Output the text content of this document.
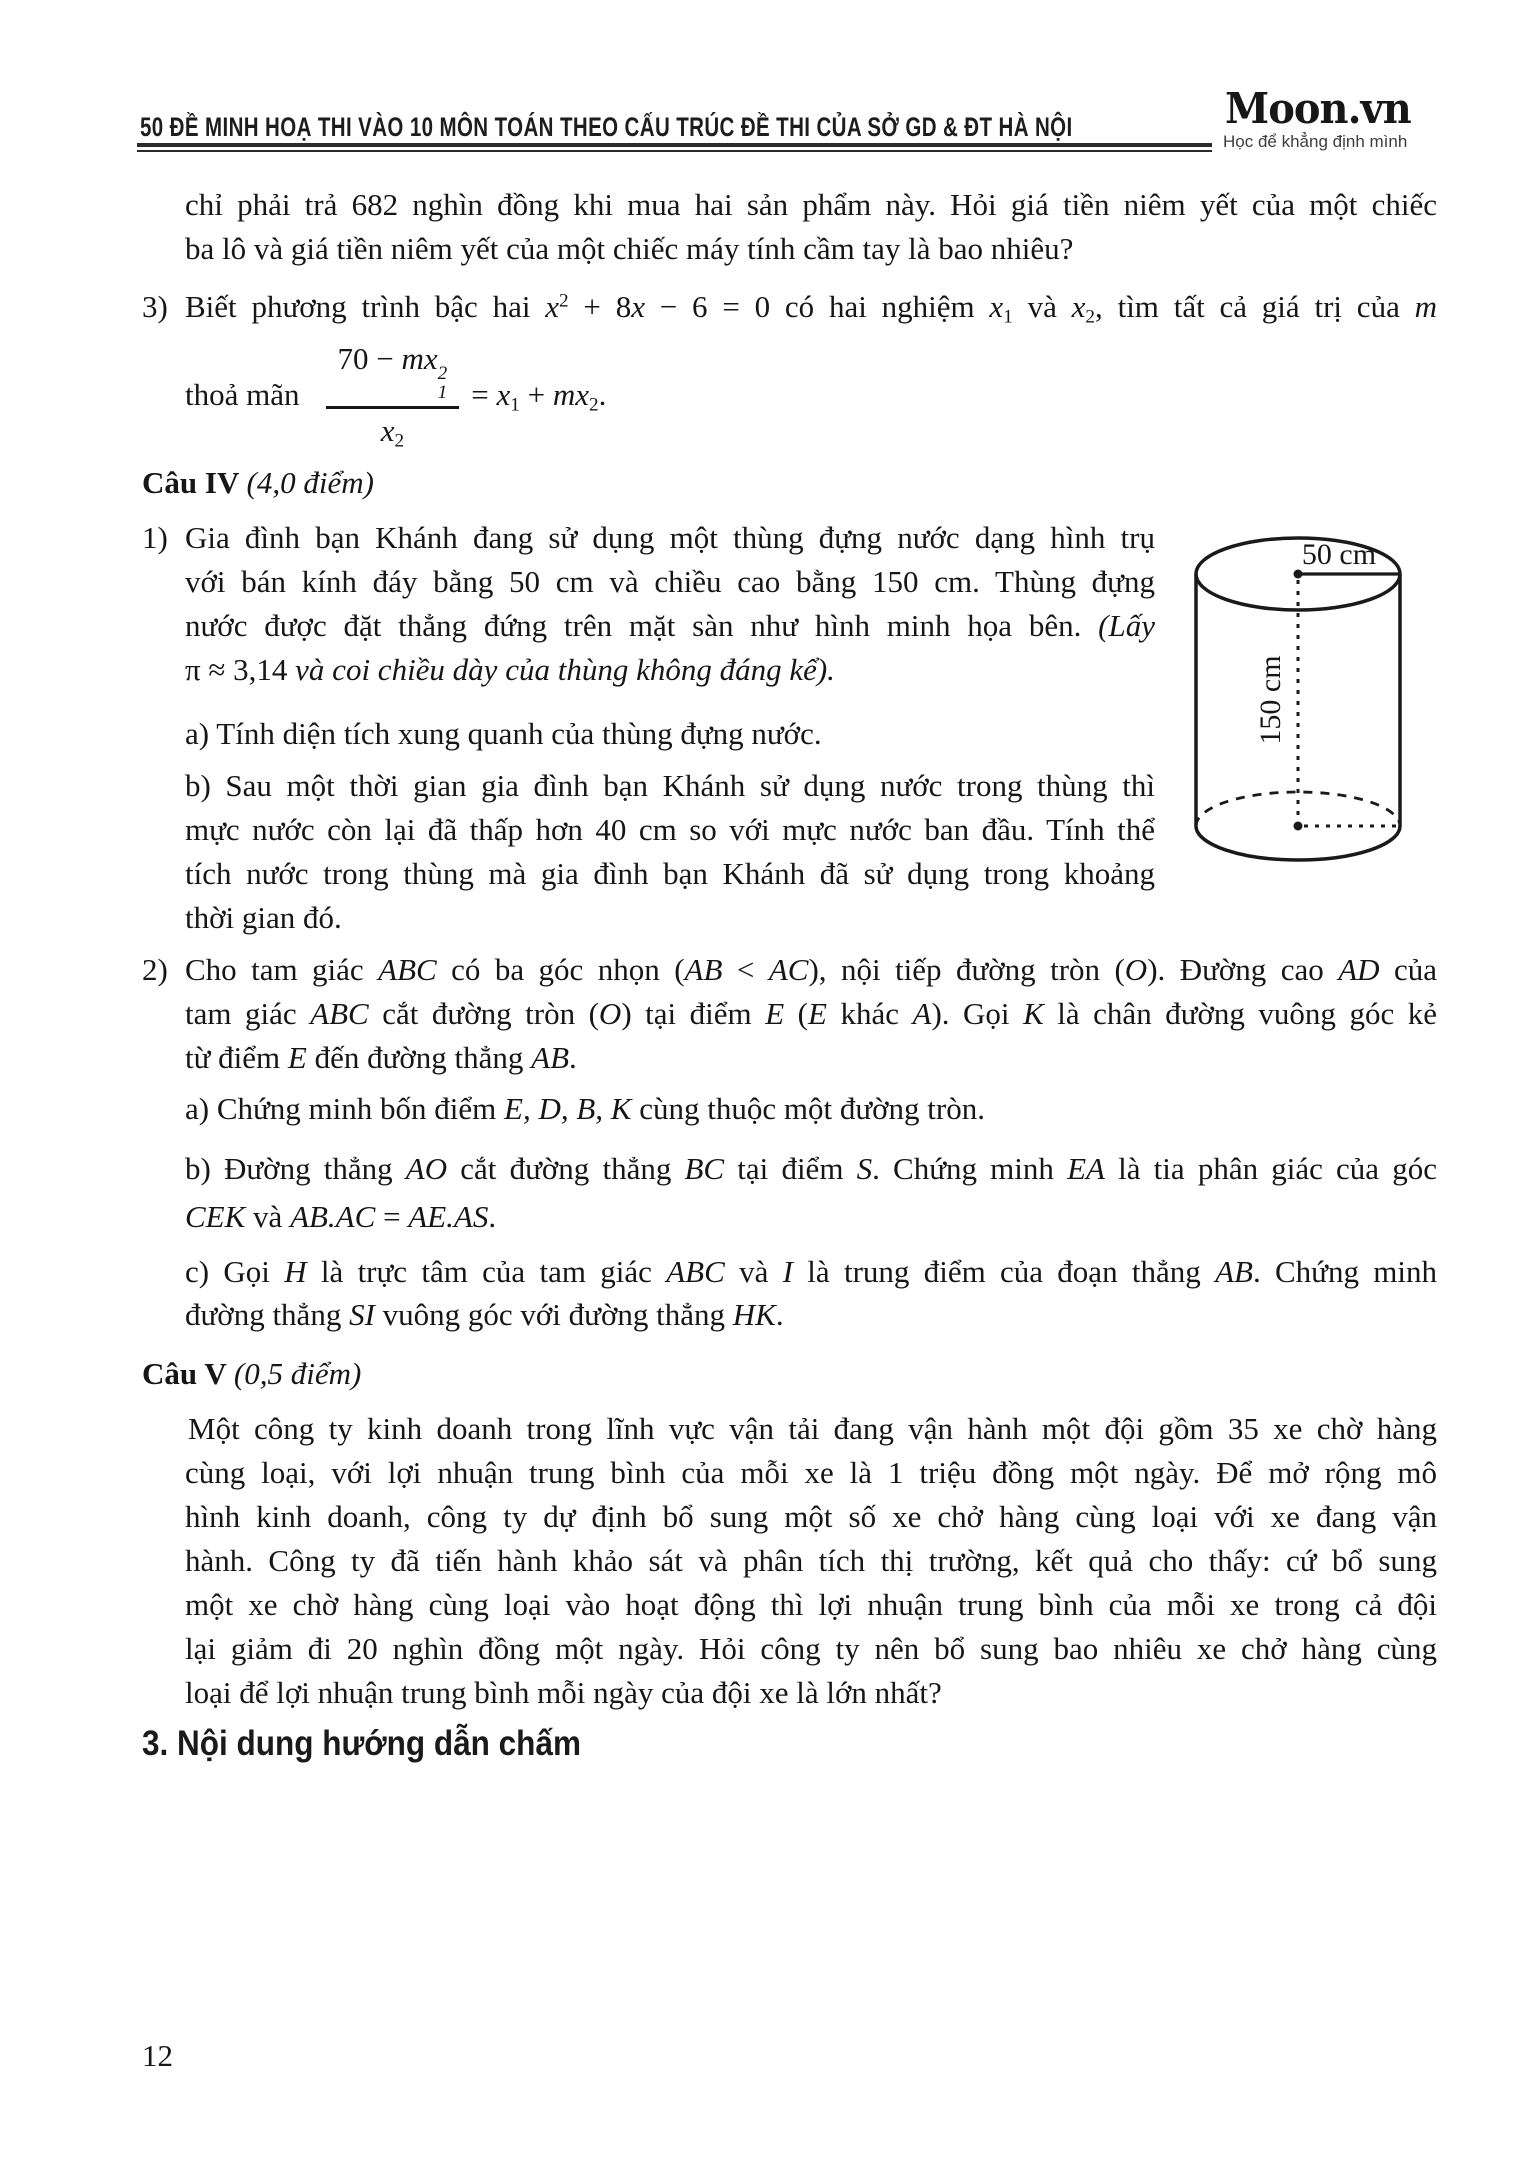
50 ĐỀ MINH HOẠ THI VÀO 10 MÔN TOÁN THEO CẤU TRÚC ĐỀ THI CỦA SỞ GD & ĐT HÀ NỘI	Moon.vn
Học để khẳng định mình
chỉ phải trả 682 nghìn đồng khi mua hai sản phẩm này. Hỏi giá tiền niêm yết của một chiếc
ba lô và giá tiền niêm yết của một chiếc máy tính cầm tay là bao nhiêu?
3) Biết phương trình bậc hai $x^2 + 8x - 6 = 0$ có hai nghiệm $x_1$ và $x_2$, tìm tất cả giá trị của m
thoả mãn 70 − mx 2
1
$x_2 = x_1 + mx_2$.
Câu IV (4,0 điểm)
1) Gia đình bạn Khánh đang sử dụng một thùng đựng nước dạng hình trụ
với bán kính đáy bằng 50 cm và chiều cao bằng 150 cm. Thùng đựng
nước được đặt thẳng đứng trên mặt sàn như hình minh họa bên. (Lấy
π ≈ 3,14 và coi chiều dày của thùng không đáng kể).
a) Tính diện tích xung quanh của thùng đựng nước.
b) Sau một thời gian gia đình bạn Khánh sử dụng nước trong thùng thì
mực nước còn lại đã thấp hơn 40 cm so với mực nước ban đầu. Tính thể
tích nước trong thùng mà gia đình bạn Khánh đã sử dụng trong khoảng
thời gian đó.
50 cm
150 cm
2) Cho tam giác ABC có ba góc nhọn (AB < AC), nội tiếp đường tròn (O). Đường cao AD của
tam giác ABC cắt đường tròn (O) tại điểm E (E khác A). Gọi K là chân đường vuông góc kẻ
từ điểm E đến đường thẳng AB.
a) Chứng minh bốn điểm E, D, B, K cùng thuộc một đường tròn.
b) Đường thẳng AO cắt đường thẳng BC tại điểm S. Chứng minh EA là tia phân giác của góc
CEK và AB.AC = AE.AS.
c) Gọi H là trực tâm của tam giác ABC và I là trung điểm của đoạn thẳng AB. Chứng minh
đường thẳng SI vuông góc với đường thẳng HK.
Câu V (0,5 điểm)
Một công ty kinh doanh trong lĩnh vực vận tải đang vận hành một đội gồm 35 xe chờ hàng
cùng loại, với lợi nhuận trung bình của mỗi xe là 1 triệu đồng một ngày. Để mở rộng mô
hình kinh doanh, công ty dự định bổ sung một số xe chở hàng cùng loại với xe đang vận
hành. Công ty đã tiến hành khảo sát và phân tích thị trường, kết quả cho thấy: cứ bổ sung
một xe chờ hàng cùng loại vào hoạt động thì lợi nhuận trung bình của mỗi xe trong cả đội
lại giảm đi 20 nghìn đồng một ngày. Hỏi công ty nên bổ sung bao nhiêu xe chở hàng cùng
loại để lợi nhuận trung bình mỗi ngày của đội xe là lớn nhất?
3. Nội dung hướng dẫn chấm
12
